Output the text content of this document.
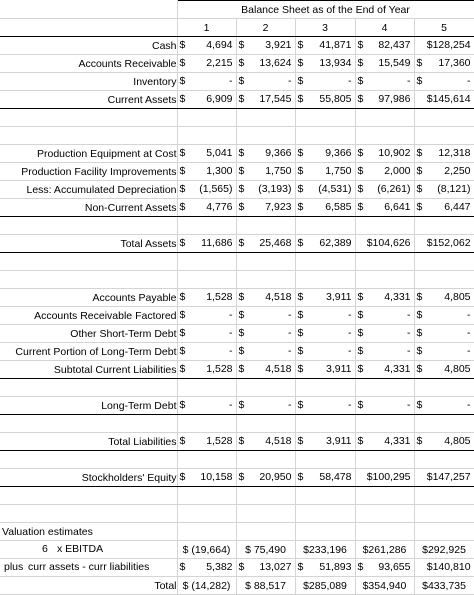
	Balance Sheet as of the End of Year				
	1	2	3	4	5
Cash	$ 4,694	$ 3,921	$ 41,871	$ 82,437	$128,254

Accounts Receivable	$ 2,215	$ 13,624	$ 13,934	$ 15,549	$ 17,360

Inventory	$ -	$ -	$ -	$ -	$ -

Current Assets	$ 6,909	$ 17,545	$ 55,805	$ 97,986	$145,614

Production Equipment at Cost	$ 5,041	$ 9,366	$ 9,366	$ 10,902	$ 12,318

Production Facility Improvements	$ 1,300	$ 1,750	$ 1,750	$ 2,000	$ 2,250

Less: Accumulated Depreciation	$ (1,565)	$ (3,193)	$ (4,531)	$ (6,261)	$ (8,121)

Non-Current Assets	$ 4,776	$ 7,923	$ 6,585	$ 6,641	$ 6,447

Total Assets	$ 11,686	$ 25,468	$ 62,389	$104,626	$152,062

Accounts Payable	$ 1,528	$ 4,518	$ 3,911	$ 4,331	$ 4,805

Accounts Receivable Factored	$ -	$ -	$ -	$ -	$ -

Other Short-Term Debt	$ -	$ -	$ -	$ -	$ -

Current Portion of Long-Term Debt	$ -	$ -	$ -	$ -	$ -

Subtotal Current Liabilities	$ 1,528	$ 4,518	$ 3,911	$ 4,331	$ 4,805

Long-Term Debt	$ -	$ -	$ -	$ -	$ -

Total Liabilities	$ 1,528	$ 4,518	$ 3,911	$ 4,331	$ 4,805

Stockholders' Equity	$ 10,158	$ 20,950	$ 58,478	$100,295	$147,257

Valuation estimates					

6 x EBITDA	$ (19,664)	$ 75,490	$233,196	$261,286	$292,925

plus curr assets - curr liabilities	$ 5,382	$ 13,027	$ 51,893	$ 93,655	$140,810

Total	$ (14,282)	$ 88,517	$285,089	$354,940	$433,735
